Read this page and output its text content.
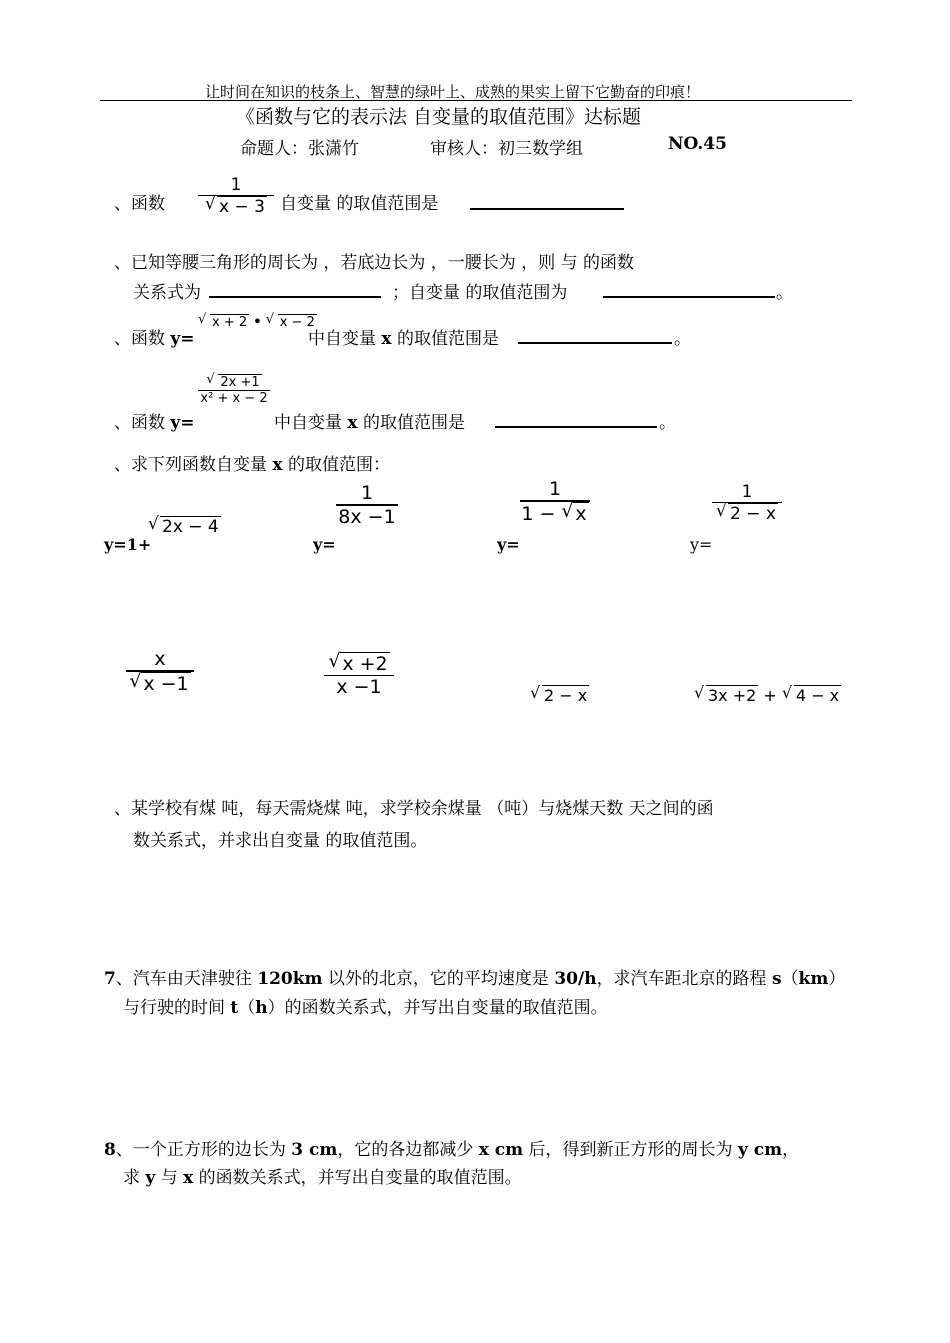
让时间在知识的枝条上、智慧的绿叶上、成熟的果实上留下它勤奋的印痕！
《函数与它的表示法 自变量的取值范围》达标题
命题人：张潇竹	审核人：初三数学组	NO.45
、函数
1
√ x − 3 自变量 的取值范围是
、已知等腰三角形的周长为 ，若底边长为 ，一腰长为 ，则 与 的函数
关系式为	；自变量 的取值范围为	。
、函数 y=
√ x + 2 • √ x − 2
中自变量 x 的取值范围是	。
、函数 y=
√ 2x +1
x² + x − 2
中自变量 x 的取值范围是	。
、求下列函数自变量 x 的取值范围：
y=1+
√ 2x − 4
y=
1
8x −1
y=
1
1 − √ x
y=
1
√ 2 − x
x
√ x −1
√ x +2
x −1	√ 2 − x	√ 3x +2 + √ 4 − x
、某学校有煤 吨，每天需烧煤 吨，求学校余煤量 （吨）与烧煤天数 天之间的函
数关系式，并求出自变量 的取值范围。
7、汽车由天津驶往 120km 以外的北京，它的平均速度是 30/h，求汽车距北京的路程 s（km）
与行驶的时间 t（h）的函数关系式，并写出自变量的取值范围。
8、一个正方形的边长为 3 cm，它的各边都减少 x cm 后，得到新正方形的周长为 y cm，
求 y 与 x 的函数关系式，并写出自变量的取值范围。
